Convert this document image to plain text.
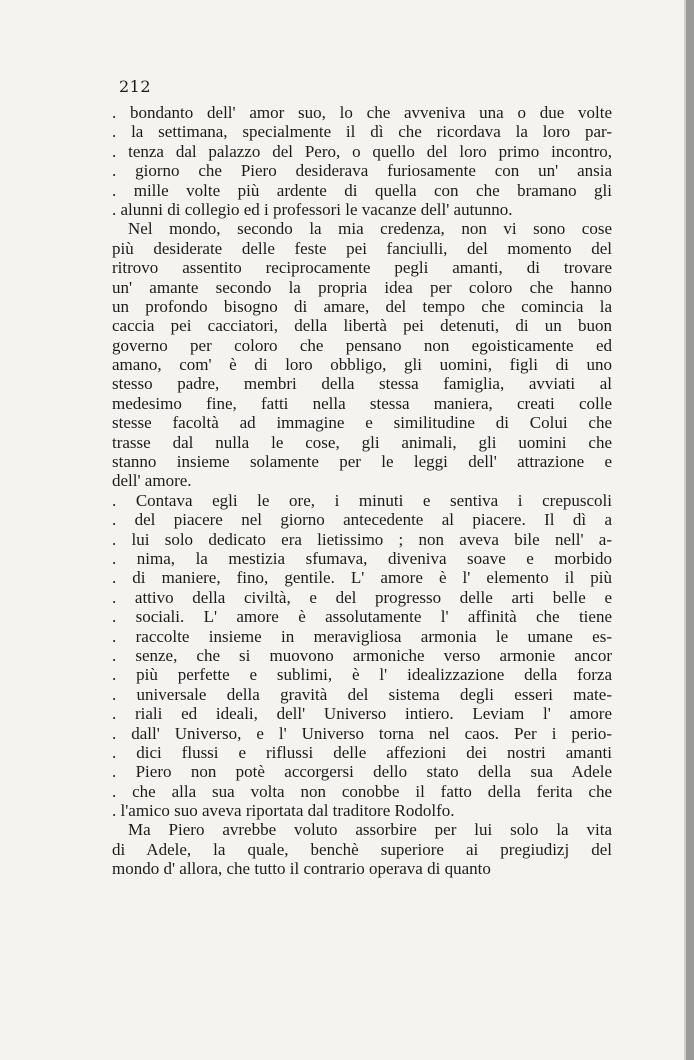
212
. bondanto dell' amor suo, lo che avveniva una o due volte
. la settimana, specialmente il dì che ricordava la loro par-
. tenza dal palazzo del Pero, o quello del loro primo incontro,
. giorno che Piero desiderava furiosamente con un' ansia
. mille volte più ardente di quella con che bramano gli
. alunni di collegio ed i professori le vacanze dell' autunno.
Nel mondo, secondo la mia credenza, non vi sono cose
più desiderate delle feste pei fanciulli, del momento del
ritrovo assentito reciprocamente pegli amanti, di trovare
un' amante secondo la propria idea per coloro che hanno
un profondo bisogno di amare, del tempo che comincia la
caccia pei cacciatori, della libertà pei detenuti, di un buon
governo per coloro che pensano non egoisticamente ed
amano, com' è di loro obbligo, gli uomini, figli di uno
stesso padre, membri della stessa famiglia, avviati al
medesimo fine, fatti nella stessa maniera, creati colle
stesse facoltà ad immagine e similitudine di Colui che
trasse dal nulla le cose, gli animali, gli uomini che
stanno insieme solamente per le leggi dell' attrazione e
dell' amore.
. Contava egli le ore, i minuti e sentiva i crepuscoli
. del piacere nel giorno antecedente al piacere. Il dì a
. lui solo dedicato era lietissimo ; non aveva bile nell' a-
. nima, la mestizia sfumava, diveniva soave e morbido
. di maniere, fino, gentile. L' amore è l' elemento il più
. attivo della civiltà, e del progresso delle arti belle e
. sociali. L' amore è assolutamente l' affinità che tiene
. raccolte insieme in meravigliosa armonia le umane es-
. senze, che si muovono armoniche verso armonie ancor
. più perfette e sublimi, è l' idealizzazione della forza
. universale della gravità del sistema degli esseri mate-
. riali ed ideali, dell' Universo intiero. Leviam l' amore
. dall' Universo, e l' Universo torna nel caos. Per i perio-
. dici flussi e riflussi delle affezioni dei nostri amanti
. Piero non potè accorgersi dello stato della sua Adele
. che alla sua volta non conobbe il fatto della ferita che
. l'amico suo aveva riportata dal traditore Rodolfo.
Ma Piero avrebbe voluto assorbire per lui solo la vita
di Adele, la quale, benchè superiore ai pregiudizj del
mondo d' allora, che tutto il contrario operava di quanto
